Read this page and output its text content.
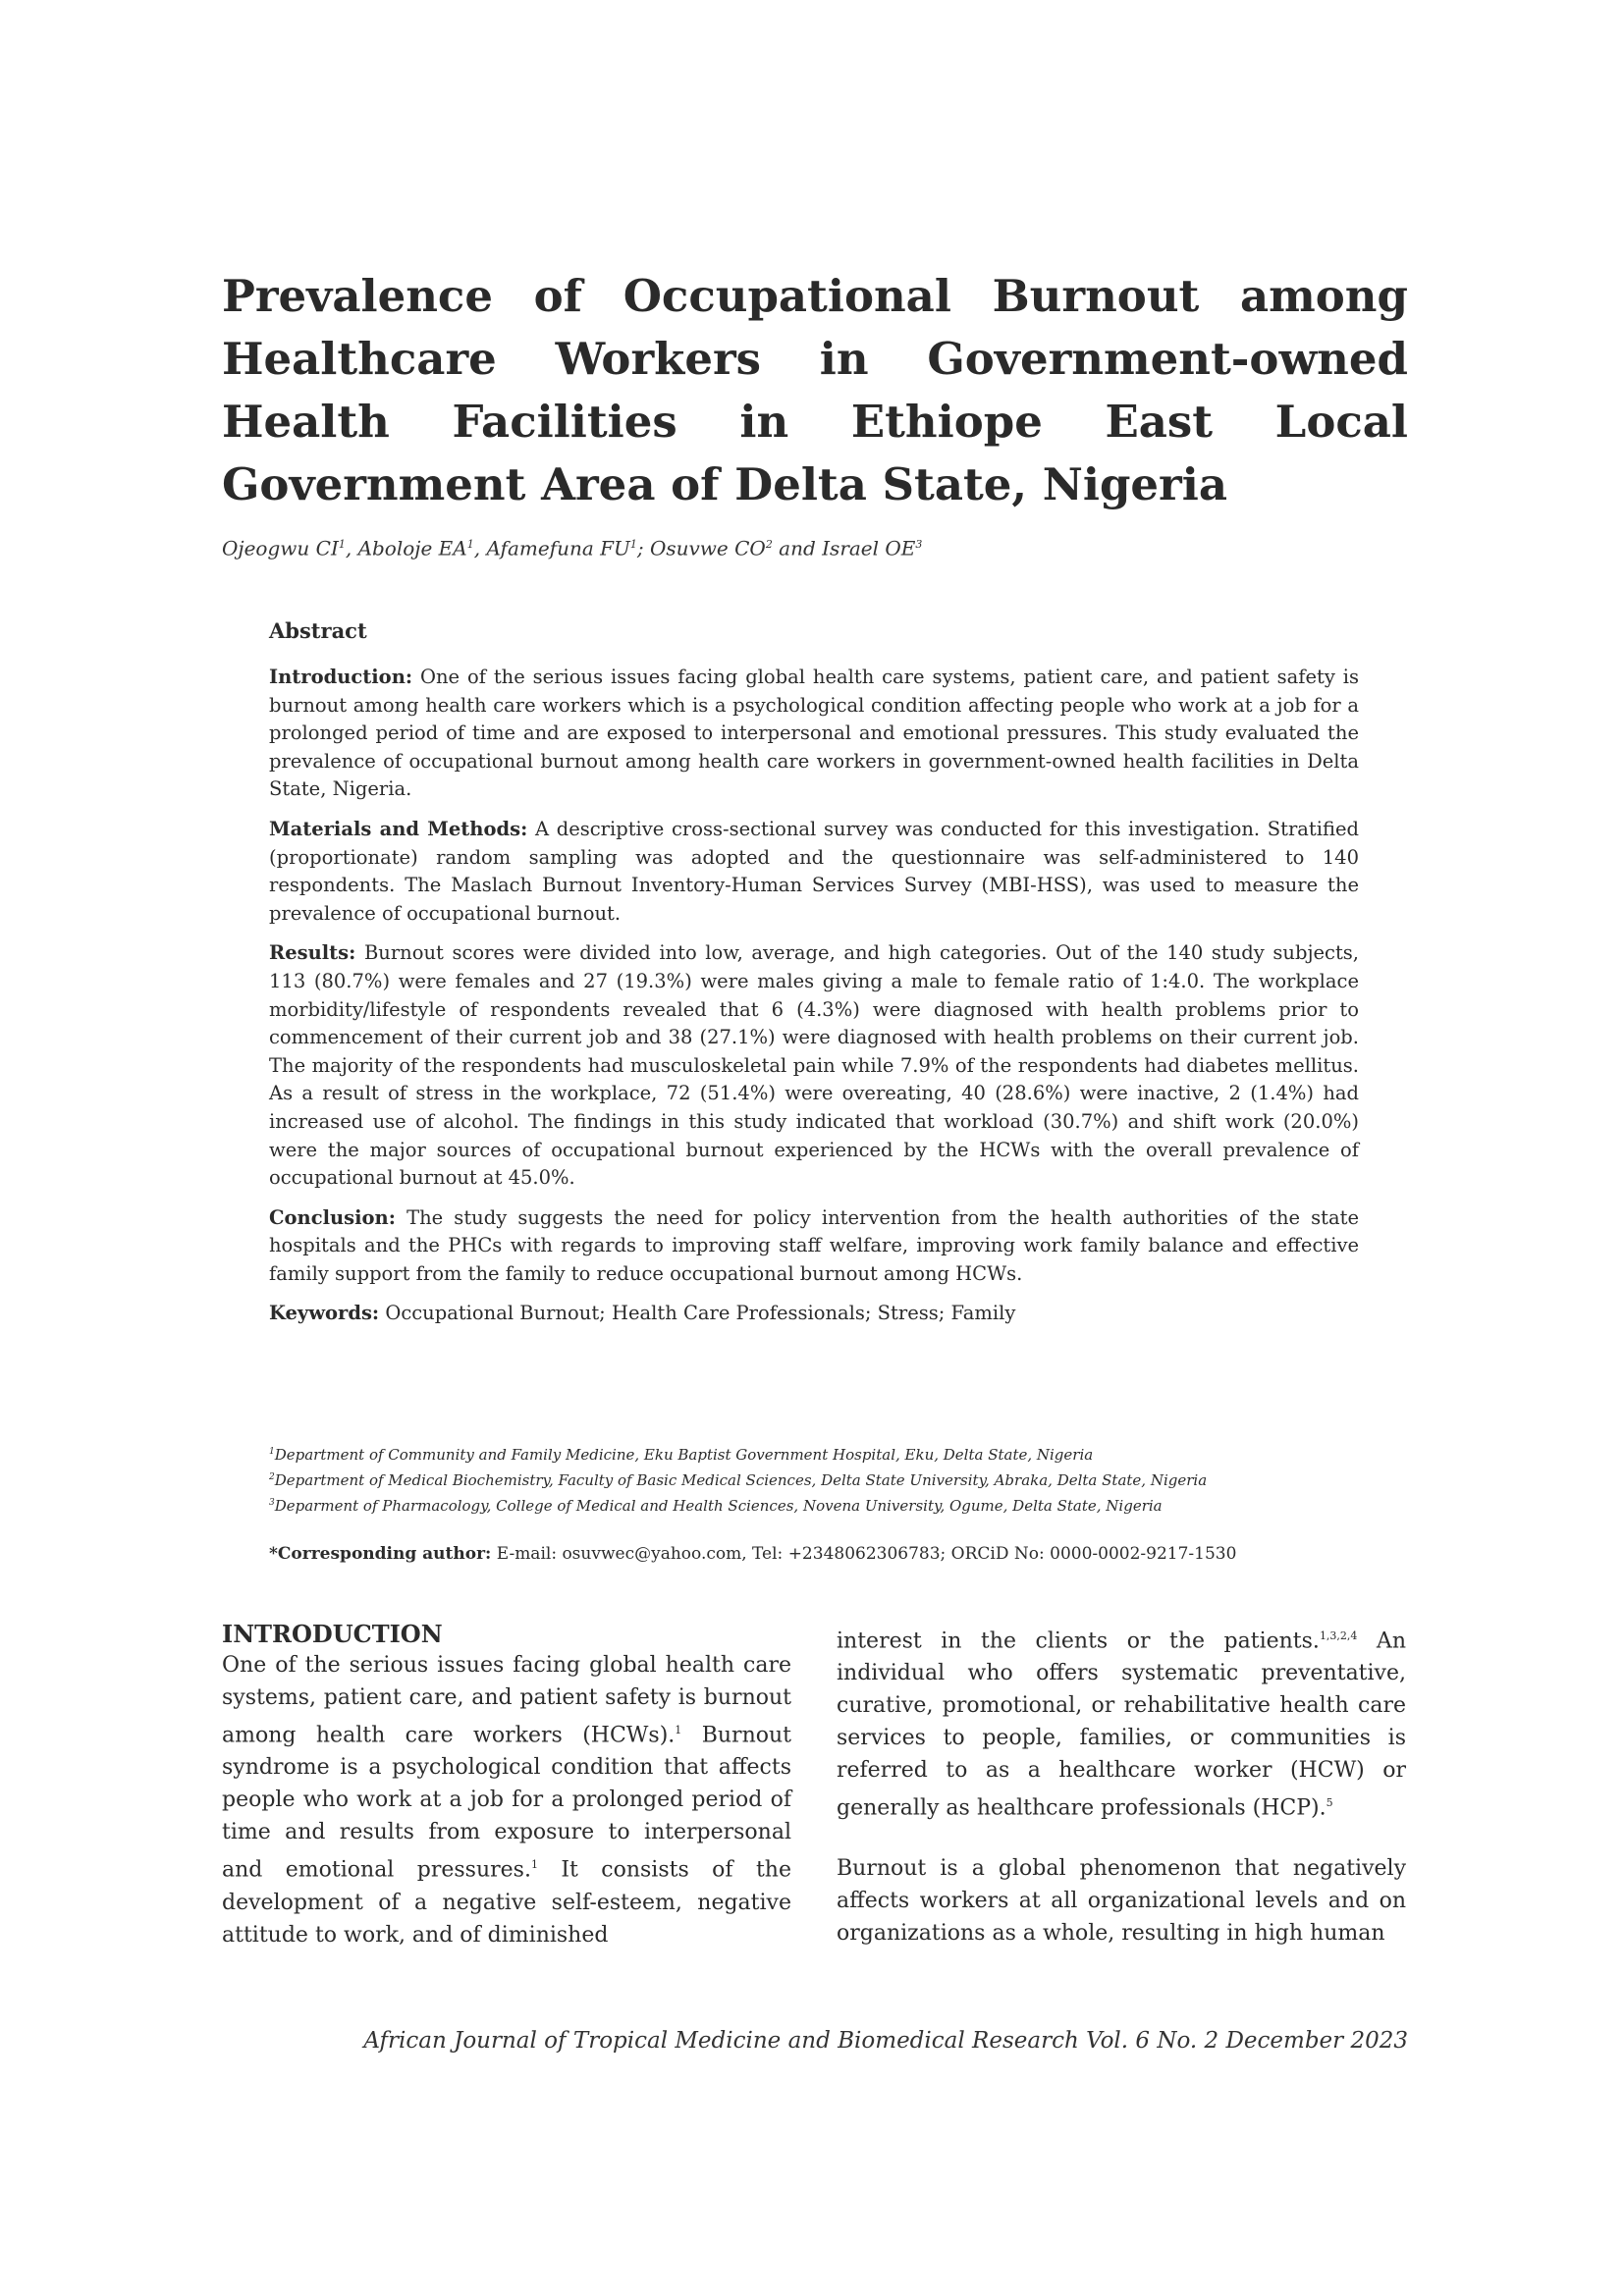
Prevalence of Occupational Burnout among Healthcare Workers in Government-owned Health Facilities in Ethiope East Local Government Area of Delta State, Nigeria
Ojeogwu $CI^1$, Aboloje $EA^1$, Afamefuna $FU^1$; Osuvwe $CO^2$ and Israel $OE^3$

Abstract

Introduction: One of the serious issues facing global health care systems, patient care, and patient safety is burnout among health care workers which is a psychological condition affecting people who work at a job for a prolonged period of time and are exposed to interpersonal and emotional pressures. This study evaluated the prevalence of occupational burnout among health care workers in government-owned health facilities in Delta State, Nigeria.

Materials and Methods: A descriptive cross-sectional survey was conducted for this investigation. Stratified (proportionate) random sampling was adopted and the questionnaire was self-administered to 140 respondents. The Maslach Burnout Inventory-Human Services Survey (MBI-HSS), was used to measure the prevalence of occupational burnout.

Results: Burnout scores were divided into low, average, and high categories. Out of the 140 study subjects, 113 (80.7%) were females and 27 (19.3%) were males giving a male to female ratio of 1:4.0. The workplace morbidity/lifestyle of respondents revealed that 6 (4.3%) were diagnosed with health problems prior to commencement of their current job and 38 (27.1%) were diagnosed with health problems on their current job. The majority of the respondents had musculoskeletal pain while 7.9% of the respondents had diabetes mellitus. As a result of stress in the workplace, 72 (51.4%) were overeating, 40 (28.6%) were inactive, 2 (1.4%) had increased use of alcohol. The findings in this study indicated that workload (30.7%) and shift work (20.0%) were the major sources of occupational burnout experienced by the HCWs with the overall prevalence of occupational burnout at 45.0%.

Conclusion: The study suggests the need for policy intervention from the health authorities of the state hospitals and the PHCs with regards to improving staff welfare, improving work family balance and effective family support from the family to reduce occupational burnout among HCWs.

Keywords: Occupational Burnout; Health Care Professionals; Stress; Family

$^1$Department of Community and Family Medicine, Eku Baptist Government Hospital, Eku, Delta State, Nigeria
$^2$Department of Medical Biochemistry, Faculty of Basic Medical Sciences, Delta State University, Abraka, Delta State, Nigeria
$^3$Deparment of Pharmacology, College of Medical and Health Sciences, Novena University, Ogume, Delta State, Nigeria
*Corresponding author: E-mail: osuvwec@yahoo.com, Tel: +2348062306783; ORCiD No: 0000-0002-9217-1530

INTRODUCTION

One of the serious issues facing global health care systems, patient care, and patient safety is burnout among health care workers (HCWs).$^1$ Burnout syndrome is a psychological condition that affects people who work at a job for a prolonged period of time and results from exposure to interpersonal and emotional pressures.$^1$ It consists of the development of a negative self-esteem, negative attitude to work, and of diminished

interest in the clients or the patients.$^{1,3,2,4}$ An individual who offers systematic preventative, curative, promotional, or rehabilitative health care services to people, families, or communities is referred to as a healthcare worker (HCW) or generally as healthcare professionals (HCP).$^5$

Burnout is a global phenomenon that negatively affects workers at all organizational levels and on organizations as a whole, resulting in high human

African Journal of Tropical Medicine and Biomedical Research Vol. 6 No. 2 December 2023
